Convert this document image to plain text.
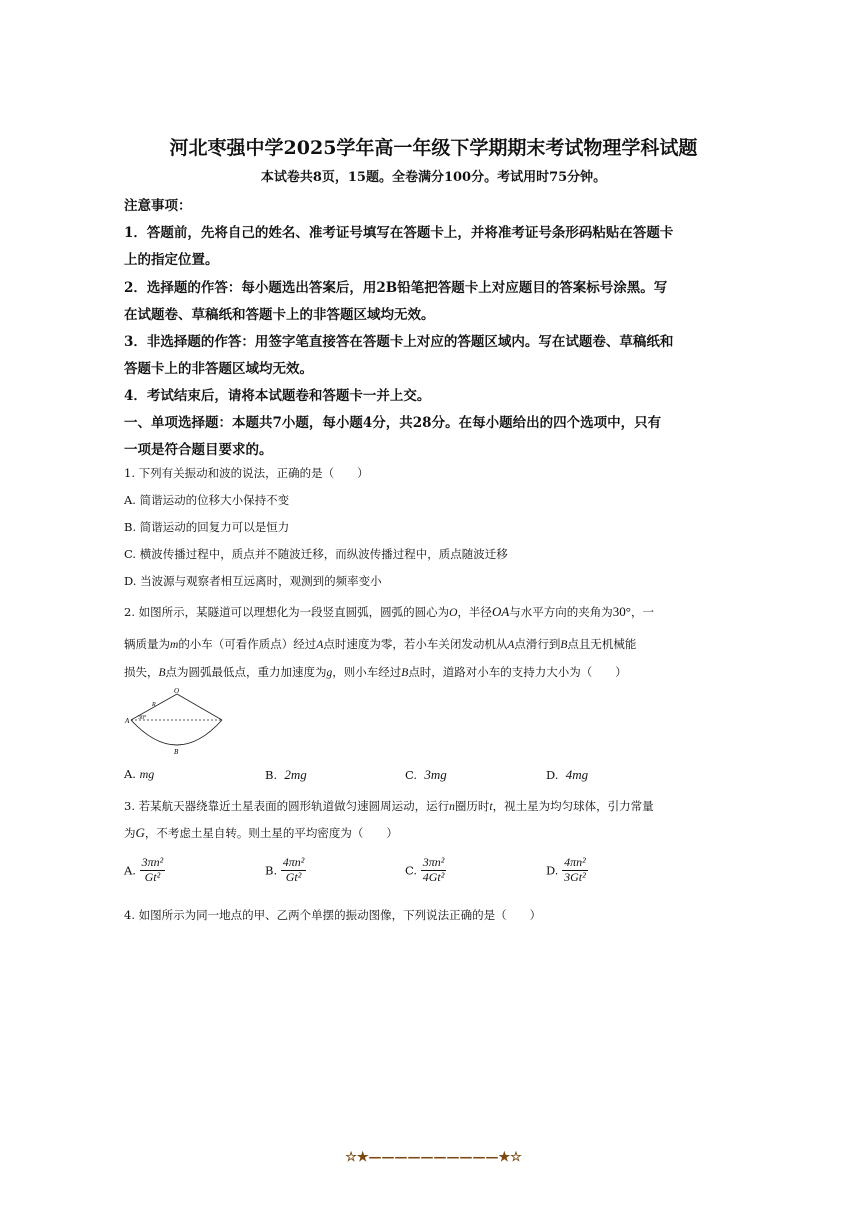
河北枣强中学2025学年高一年级下学期期末考试物理学科试题
本试卷共8页，15题。全卷满分100分。考试用时75分钟。
注意事项：
1．答题前，先将自己的姓名、准考证号填写在答题卡上，并将准考证号条形码粘贴在答题卡
上的指定位置。
2．选择题的作答：每小题选出答案后，用2B铅笔把答题卡上对应题目的答案标号涂黑。写
在试题卷、草稿纸和答题卡上的非答题区域均无效。
3．非选择题的作答：用签字笔直接答在答题卡上对应的答题区域内。写在试题卷、草稿纸和
答题卡上的非答题区域均无效。
4．考试结束后，请将本试题卷和答题卡一并上交。
一、单项选择题：本题共7小题，每小题4分，共28分。在每小题给出的四个选项中，只有
一项是符合题目要求的。
1. 下列有关振动和波的说法，正确的是（　　）
A. 简谐运动的位移大小保持不变
B. 简谐运动的回复力可以是恒力
C. 横波传播过程中，质点并不随波迁移，而纵波传播过程中，质点随波迁移
D. 当波源与观察者相互远离时，观测到的频率变小
2. 如图所示，某隧道可以理想化为一段竖直圆弧，圆弧的圆心为O，半径OA与水平方向的夹角为30°，一
辆质量为m的小车（可看作质点）经过A点时速度为零，若小车关闭发动机从A点滑行到B点且无机械能
损失，B点为圆弧最低点，重力加速度为g，则小车经过B点时，道路对小车的支持力大小为（　　）
O
R
A 30°
B
A. mg	B. 2mg	C. 3mg	D. 4mg
3. 若某航天器绕靠近土星表面的圆形轨道做匀速圆周运动，运行n圈历时t，视土星为均匀球体，引力常量
为G，不考虑土星自转。则土星的平均密度为（　　）
A. $\frac{\text{3πn²}}{\text{Gt²}}$	B. $\frac{\text{4πn²}}{\text{Gt²}}$	C. $\frac{\text{3πn²}}{\text{4Gt²}}$	D. $\frac{\text{4πn²}}{\text{3Gt²}}$
4. 如图所示为同一地点的甲、乙两个单摆的振动图像，下列说法正确的是（　　）
☆★——————————★☆
